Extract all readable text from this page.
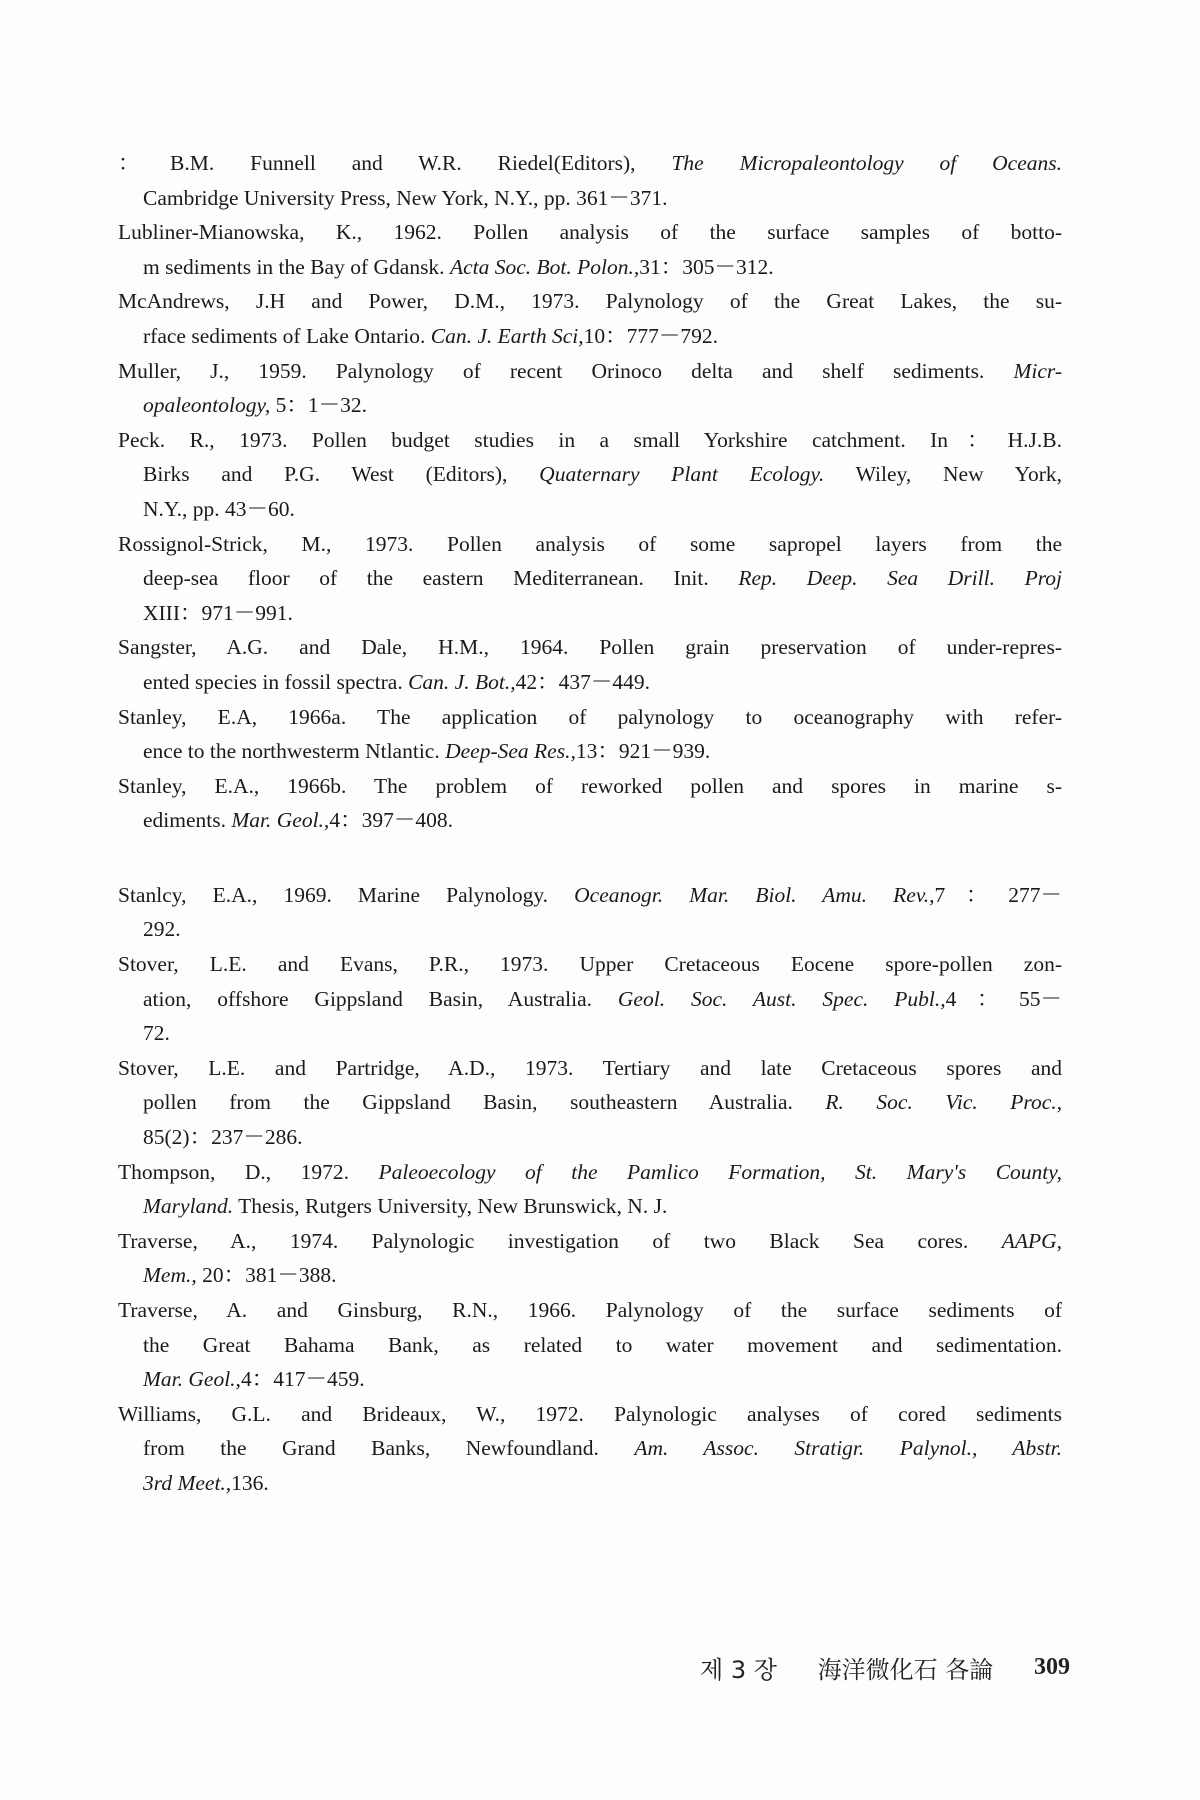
：B.M. Funnell and W.R. Riedel(Editors), The Micropaleontology of Oceans.
Cambridge University Press, New York, N.Y., pp. 361－371.
Lubliner-Mianowska, K., 1962. Pollen analysis of the surface samples of botto-
m sediments in the Bay of Gdansk. Acta Soc. Bot. Polon.,31：305－312.
McAndrews, J.H and Power, D.M., 1973. Palynology of the Great Lakes, the su-
rface sediments of Lake Ontario. Can. J. Earth Sci,10：777－792.
Muller, J., 1959. Palynology of recent Orinoco delta and shelf sediments. Micr-
opaleontology, 5：1－32.
Peck. R., 1973. Pollen budget studies in a small Yorkshire catchment. In：H.J.B.
Birks and P.G. West (Editors), Quaternary Plant Ecology. Wiley, New York,
N.Y., pp. 43－60.
Rossignol-Strick, M., 1973. Pollen analysis of some sapropel layers from the
deep-sea floor of the eastern Mediterranean. Init. Rep. Deep. Sea Drill. Proj
XIII：971－991.
Sangster, A.G. and Dale, H.M., 1964. Pollen grain preservation of under-repres-
ented species in fossil spectra. Can. J. Bot.,42：437－449.
Stanley, E.A, 1966a. The application of palynology to oceanography with refer-
ence to the northwesterm Ntlantic. Deep-Sea Res.,13：921－939.
Stanley, E.A., 1966b. The problem of reworked pollen and spores in marine s-
ediments. Mar. Geol.,4：397－408.
Stanlcy, E.A., 1969. Marine Palynology. Oceanogr. Mar. Biol. Amu. Rev.,7：277－
292.
Stover, L.E. and Evans, P.R., 1973. Upper Cretaceous Eocene spore-pollen zon-
ation, offshore Gippsland Basin, Australia. Geol. Soc. Aust. Spec. Publ.,4：55－
72.
Stover, L.E. and Partridge, A.D., 1973. Tertiary and late Cretaceous spores and
pollen from the Gippsland Basin, southeastern Australia. R. Soc. Vic. Proc.,
85(2)：237－286.
Thompson, D., 1972. Paleoecology of the Pamlico Formation, St. Mary's County,
Maryland. Thesis, Rutgers University, New Brunswick, N. J.
Traverse, A., 1974. Palynologic investigation of two Black Sea cores. AAPG,
Mem., 20：381－388.
Traverse, A. and Ginsburg, R.N., 1966. Palynology of the surface sediments of
the Great Bahama Bank, as related to water movement and sedimentation.
Mar. Geol.,4：417－459.
Williams, G.L. and Brideaux, W., 1972. Palynologic analyses of cored sediments
from the Grand Banks, Newfoundland. Am. Assoc. Stratigr. Palynol., Abstr.
3rd Meet.,136.
제 3 장 海洋微化石 各論 309
